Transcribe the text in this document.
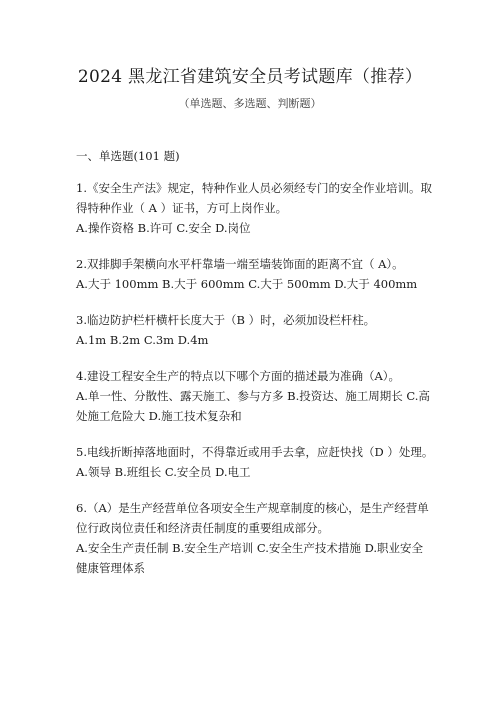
2024 黑龙江省建筑安全员考试题库（推荐）
（单选题、多选题、判断题）
一、单选题(101 题)
1.《安全生产法》规定，特种作业人员必须经专门的安全作业培训。取
得特种作业（ A ）证书，方可上岗作业。
A.操作资格 B.许可 C.安全 D.岗位
2.双排脚手架横向水平杆靠墙一端至墙装饰面的距离不宜（ A）。
A.大于 100mm B.大于 600mm C.大于 500mm D.大于 400mm
3.临边防护栏杆横杆长度大于（B ）时，必须加设栏杆柱。
A.1m B.2m C.3m D.4m
4.建设工程安全生产的特点以下哪个方面的描述最为准确（A）。
A.单一性、分散性、露天施工、参与方多 B.投资达、施工周期长 C.高
处施工危险大 D.施工技术复杂和
5.电线折断掉落地面时，不得靠近或用手去拿，应赶快找（D ）处理。
A.领导 B.班组长 C.安全员 D.电工
6.（A）是生产经营单位各项安全生产规章制度的核心，是生产经营单
位行政岗位责任和经济责任制度的重要组成部分。
A.安全生产责任制 B.安全生产培训 C.安全生产技术措施 D.职业安全
健康管理体系
